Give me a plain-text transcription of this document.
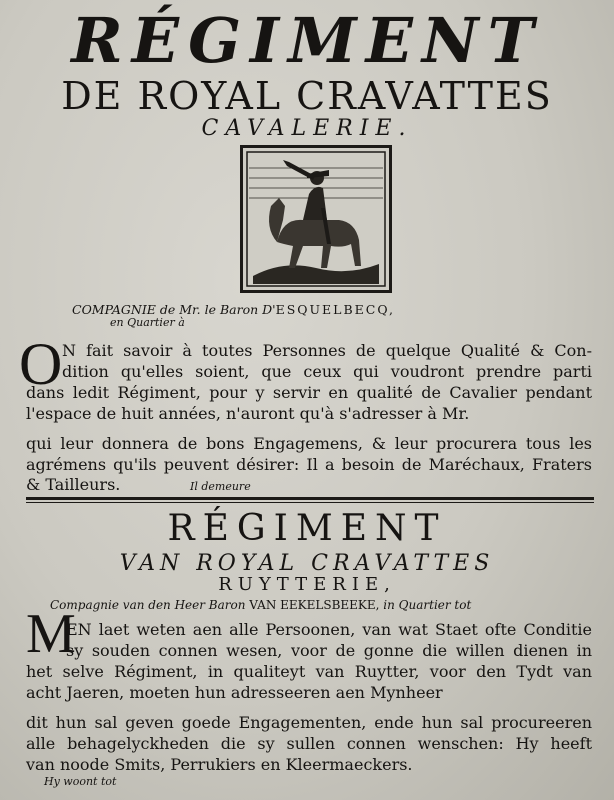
RÉGIMENT
DE ROYAL CRAVATTES
CAVALERIE.
COMPAGNIE de Mr. le Baron D'ESQUELBECQ,
en Quartier à
O N fait savoir à toutes Personnes de quelque Qualité & Con-
dition qu'elles soient, que ceux qui voudront prendre parti
dans ledit Régiment, pour y servir en qualité de Cavalier pendant
l'espace de huit années, n'auront qu'à s'adresser à Mr.
qui leur donnera de bons Engagemens, & leur procurera tous les
agrémens qu'ils peuvent désirer: Il a besoin de Maréchaux, Fraters
& Tailleurs.	Il demeure
RÉGIMENT
VAN ROYAL CRAVATTES
RUYTTERIE,
Compagnie van den Heer Baron VAN EEKELSBEEKE, in Quartier tot
M
EN laet weten aen alle Persoonen, van wat Staet ofte Conditie
sy souden connen wesen, voor de gonne die willen dienen in
het selve Régiment, in qualiteyt van Ruytter, voor den Tydt van
acht Jaeren, moeten hun adresseeren aen Mynheer
dit hun sal geven goede Engagementen, ende hun sal procureeren
alle behagelyckheden die sy sullen connen wenschen: Hy heeft
van noode Smits, Perrukiers en Kleermaeckers.
Hy woont tot
